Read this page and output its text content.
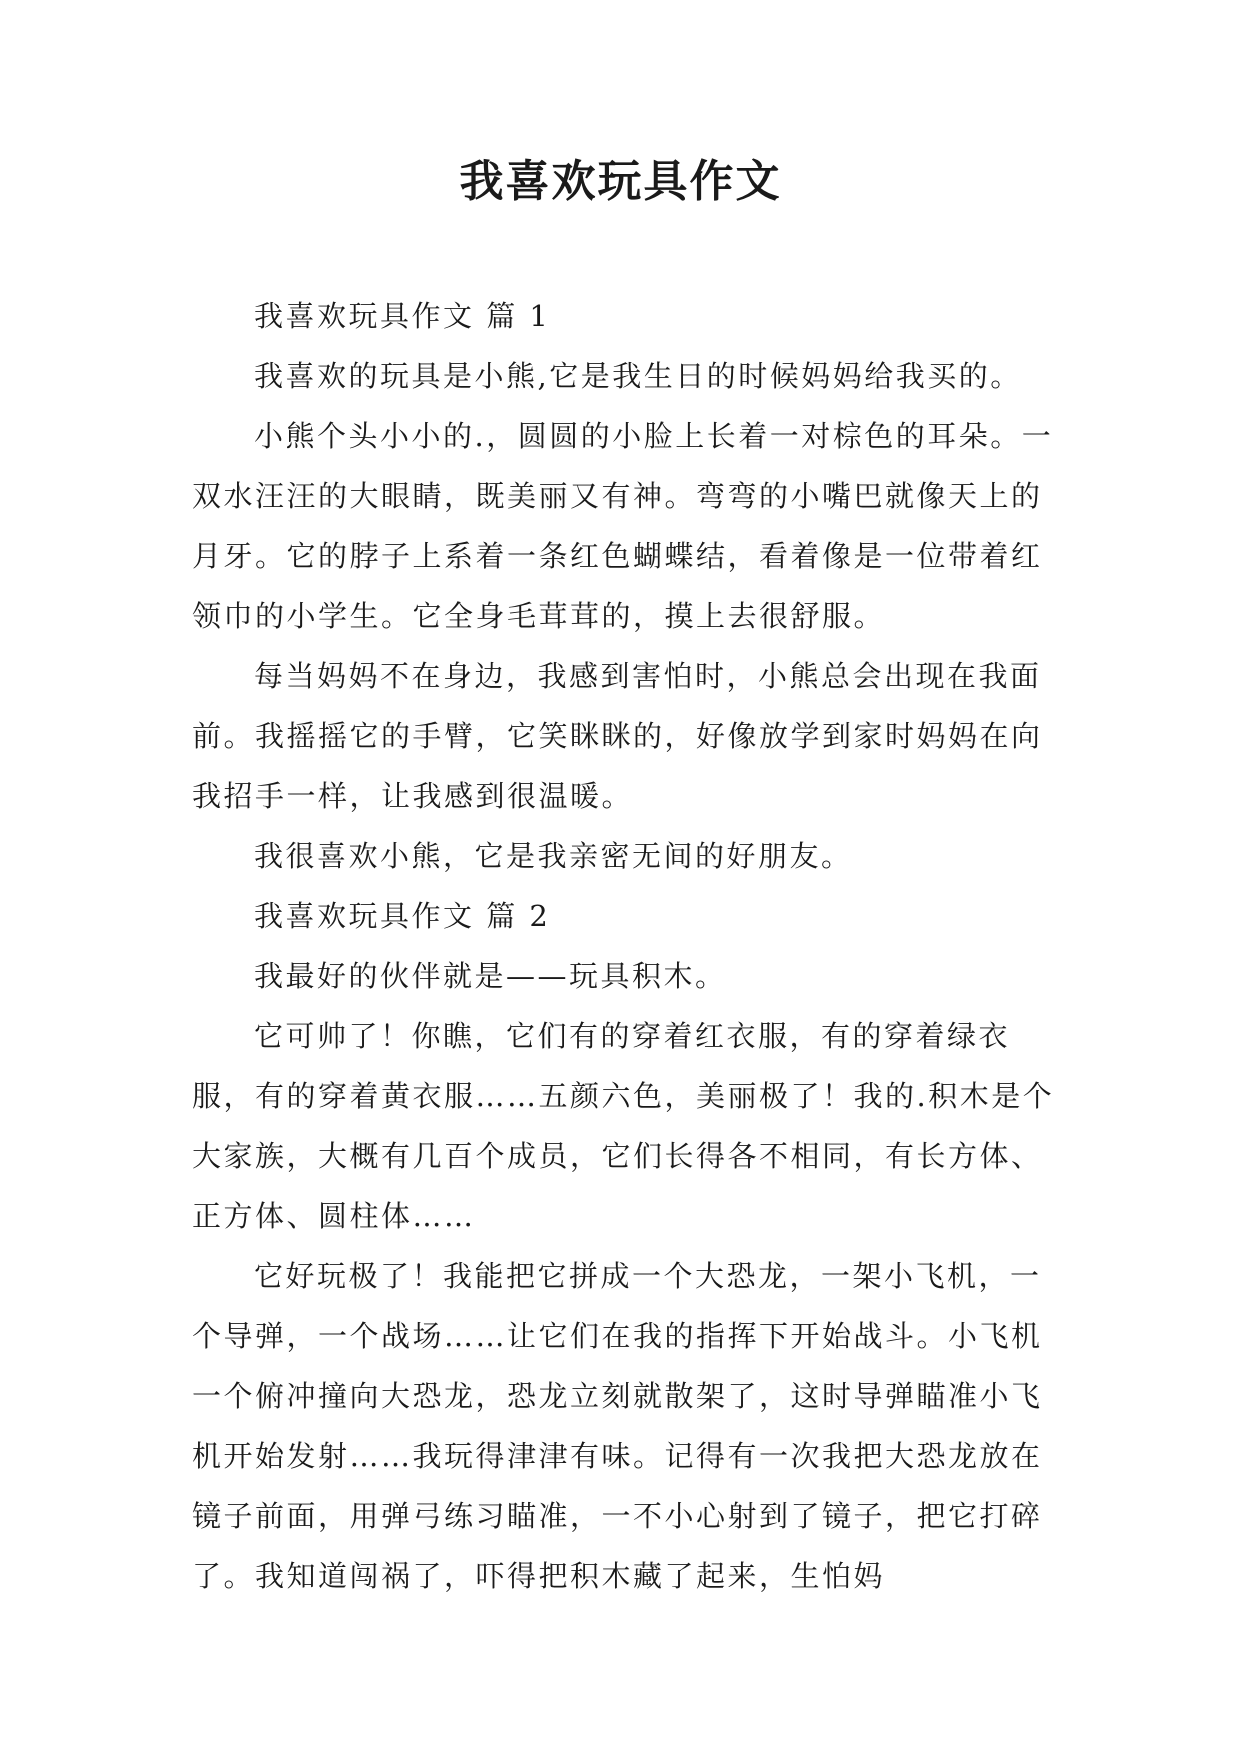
我喜欢玩具作文

我喜欢玩具作文 篇 1

我喜欢的玩具是小熊,它是我生日的时候妈妈给我买的。

小熊个头小小的.，圆圆的小脸上长着一对棕色的耳朵。一双水汪汪的大眼睛，既美丽又有神。弯弯的小嘴巴就像天上的月牙。它的脖子上系着一条红色蝴蝶结，看着像是一位带着红领巾的小学生。它全身毛茸茸的，摸上去很舒服。

每当妈妈不在身边，我感到害怕时，小熊总会出现在我面前。我摇摇它的手臂，它笑眯眯的，好像放学到家时妈妈在向我招手一样，让我感到很温暖。

我很喜欢小熊，它是我亲密无间的好朋友。

我喜欢玩具作文 篇 2

我最好的伙伴就是——玩具积木。

它可帅了！你瞧，它们有的穿着红衣服，有的穿着绿衣服，有的穿着黄衣服……五颜六色，美丽极了！我的.积木是个大家族，大概有几百个成员，它们长得各不相同，有长方体、正方体、圆柱体……

它好玩极了！我能把它拼成一个大恐龙，一架小飞机，一个导弹，一个战场……让它们在我的指挥下开始战斗。小飞机一个俯冲撞向大恐龙，恐龙立刻就散架了，这时导弹瞄准小飞机开始发射……我玩得津津有味。记得有一次我把大恐龙放在镜子前面，用弹弓练习瞄准，一不小心射到了镜子，把它打碎了。我知道闯祸了，吓得把积木藏了起来，生怕妈
